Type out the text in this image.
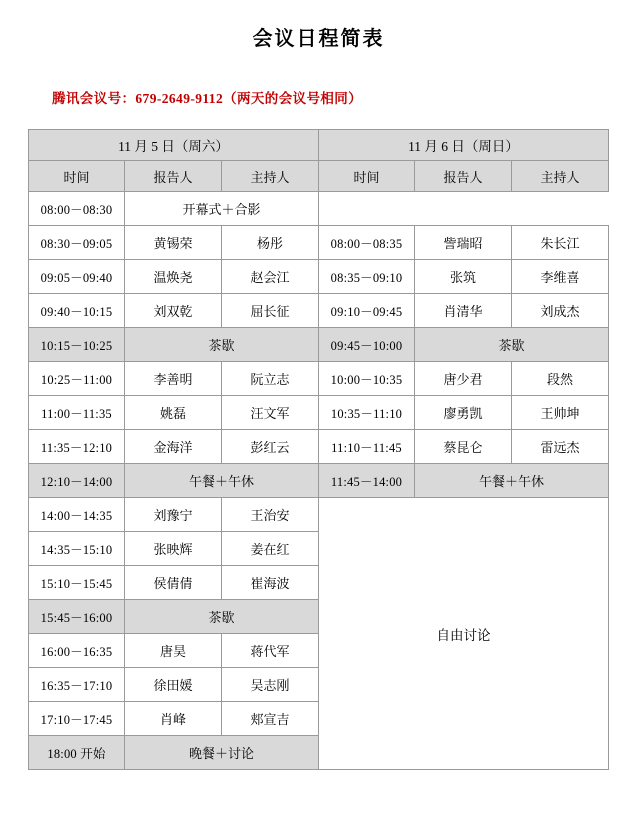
会议日程简表
腾讯会议号：679-2649-9112（两天的会议号相同）
11 月 5 日（周六）			11 月 6 日（周日）		
时间	报告人	主持人	时间	报告人	主持人
08:00－08:30	开幕式＋合影				
08:30－09:05	黄锡荣	杨彤	08:00－08:35	訾瑞昭	朱长江
09:05－09:40	温焕尧	赵会江	08:35－09:10	张筑	李维喜
09:40－10:15	刘双乾	屈长征	09:10－09:45	肖清华	刘成杰
10:15－10:25	茶歇		09:45－10:00	茶歇	
10:25－11:00	李善明	阮立志	10:00－10:35	唐少君	段然
11:00－11:35	姚磊	汪文军	10:35－11:10	廖勇凯	王帅坤
11:35－12:10	金海洋	彭红云	11:10－11:45	蔡昆仑	雷远杰
12:10－14:00	午餐＋午休		11:45－14:00	午餐＋午休	
14:00－14:35	刘豫宁	王治安	自由讨论		
14:35－15:10	张映辉	姜在红			
15:10－15:45	侯倩倩	崔海波			
15:45－16:00	茶歇				
16:00－16:35	唐昊	蒋代军			
16:35－17:10	徐田媛	吴志刚			
17:10－17:45	肖峰	郏宣吉			
18:00 开始	晚餐＋讨论				
